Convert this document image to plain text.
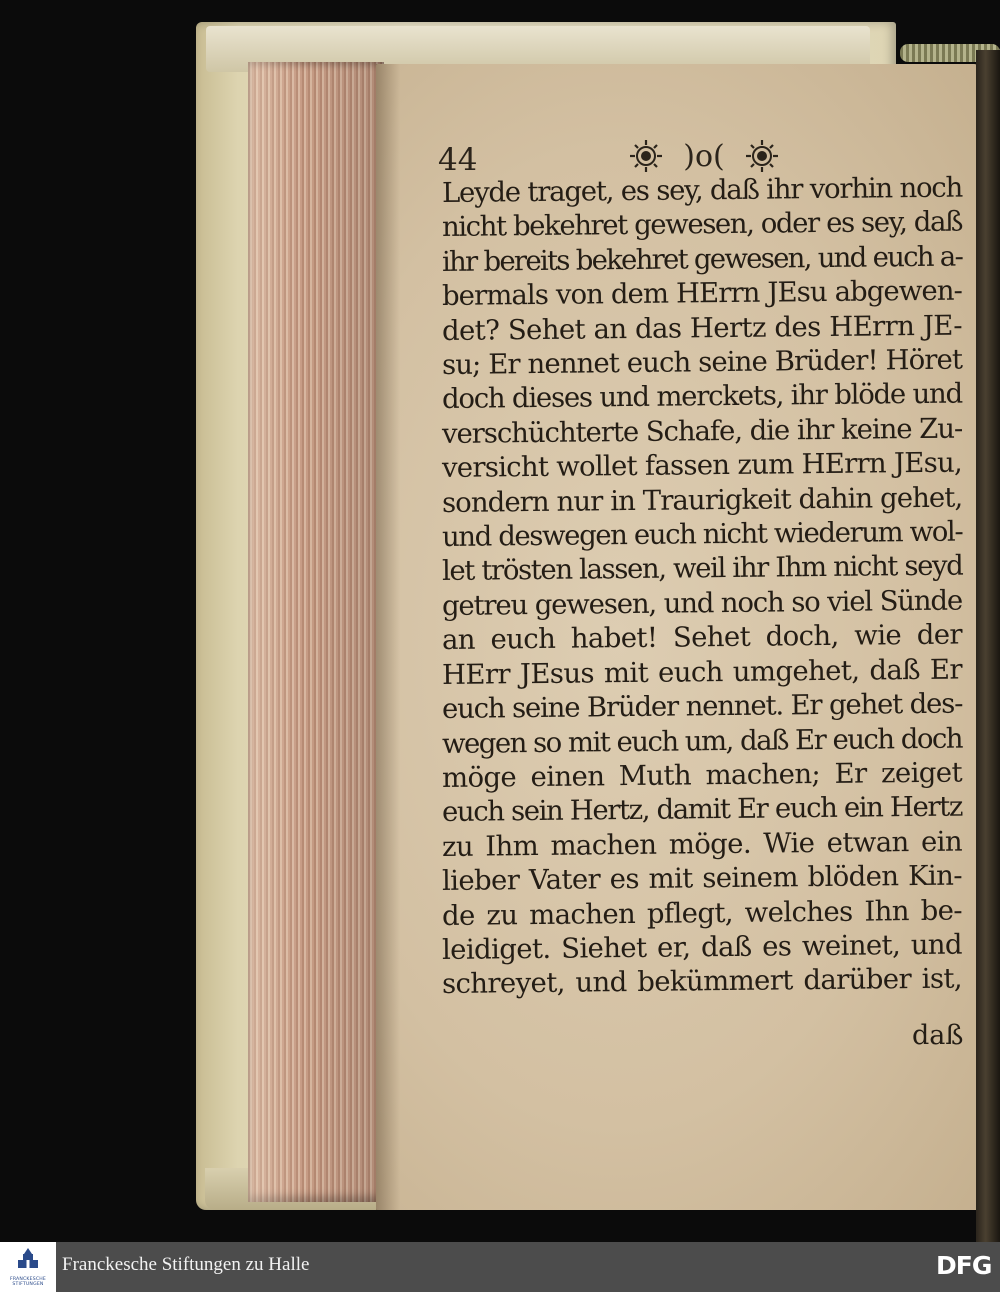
44	)o(
Leyde traget, es sey, daß ihr vorhin noch
nicht bekehret gewesen, oder es sey, daß
ihr bereits bekehret gewesen, und euch a-
bermals von dem HErrn JEsu abgewen-
det? Sehet an das Hertz des HErrn JE-
su; Er nennet euch seine Brüder! Höret
doch dieses und merckets, ihr blöde und
verschüchterte Schafe, die ihr keine Zu-
versicht wollet fassen zum HErrn JEsu,
sondern nur in Traurigkeit dahin gehet,
und deswegen euch nicht wiederum wol-
let trösten lassen, weil ihr Ihm nicht seyd
getreu gewesen, und noch so viel Sünde
an euch habet! Sehet doch, wie der
HErr JEsus mit euch umgehet, daß Er
euch seine Brüder nennet. Er gehet des-
wegen so mit euch um, daß Er euch doch
möge einen Muth machen; Er zeiget
euch sein Hertz, damit Er euch ein Hertz
zu Ihm machen möge. Wie etwan ein
lieber Vater es mit seinem blöden Kin-
de zu machen pflegt, welches Ihn be-
leidiget. Siehet er, daß es weinet, und
schreyet, und bekümmert darüber ist,
daß
FRANCKESCHE
STIFTUNGEN
Franckesche Stiftungen zu Halle	DFG
